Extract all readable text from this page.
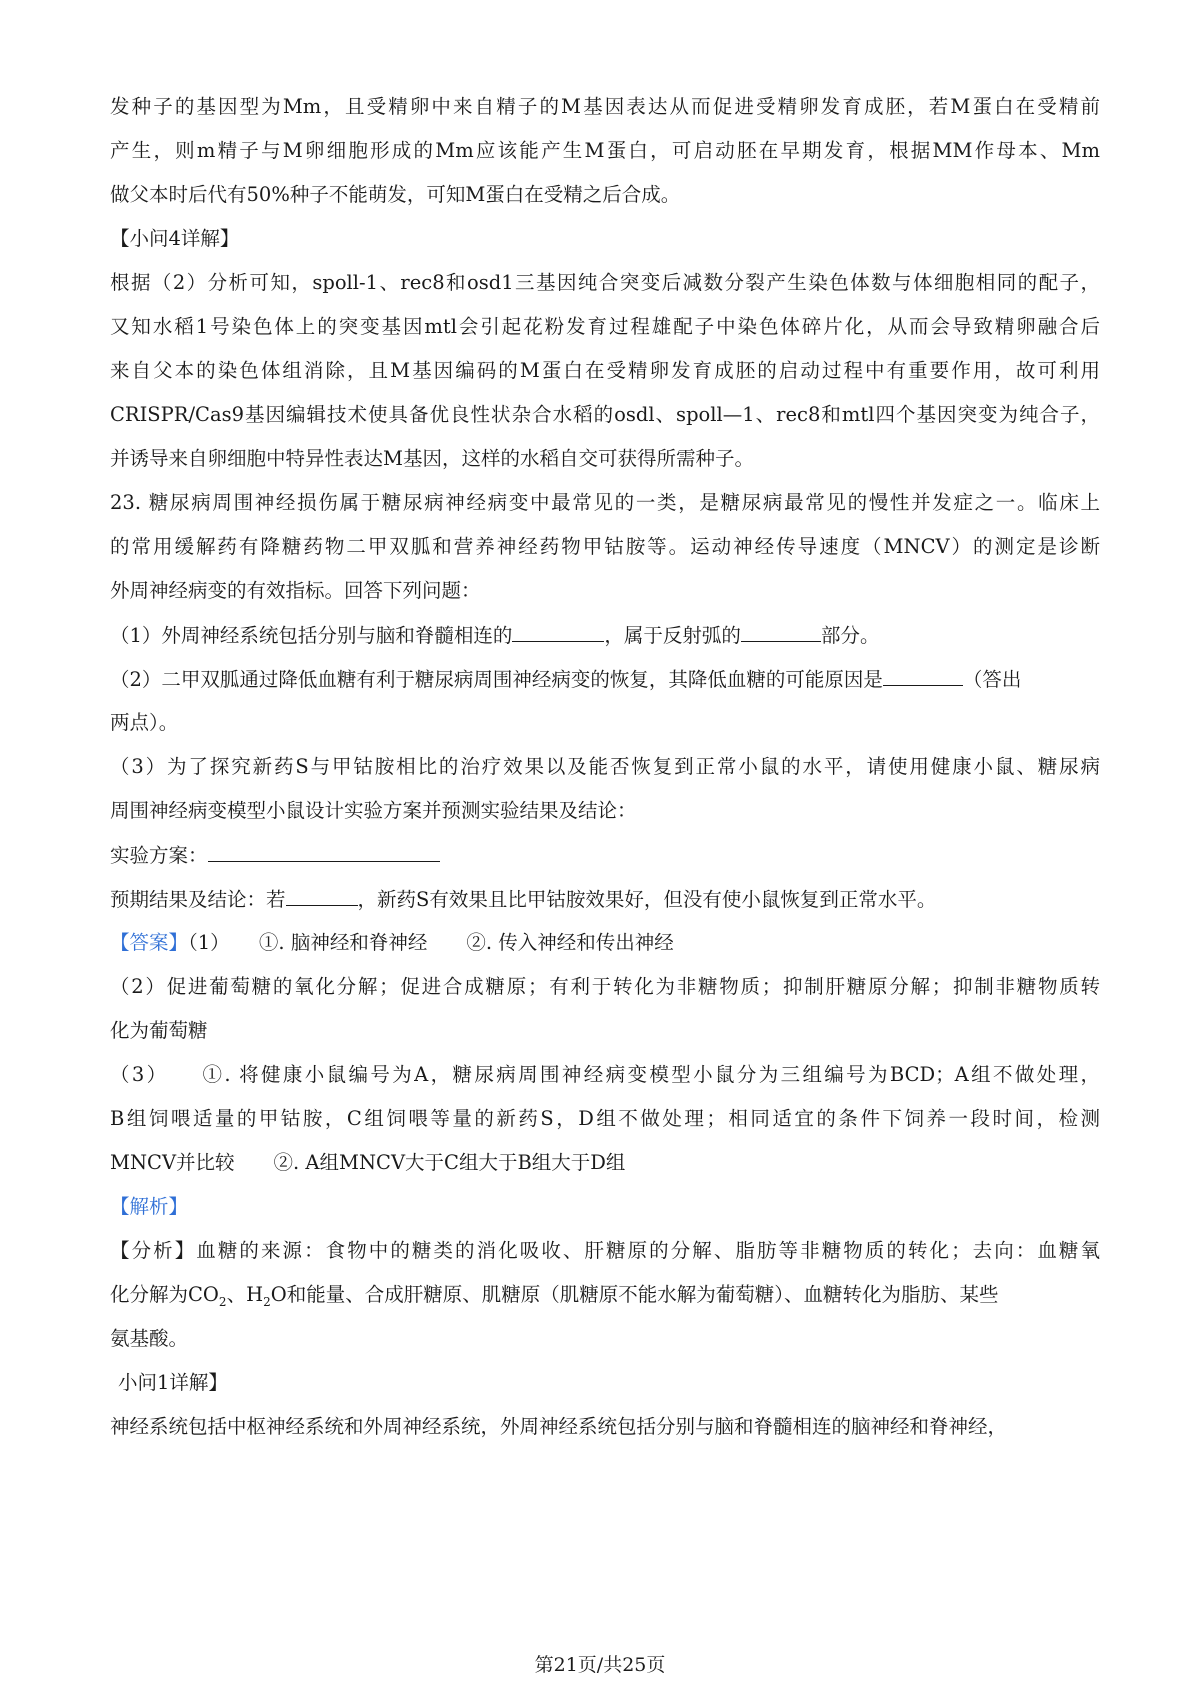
发种子的基因型为Mm，且受精卵中来自精子的M基因表达从而促进受精卵发育成胚，若M蛋白在受精前
产生，则m精子与M卵细胞形成的Mm应该能产生M蛋白，可启动胚在早期发育，根据MM作母本、Mm
做父本时后代有50%种子不能萌发，可知M蛋白在受精之后合成。
【小问4详解】
根据（2）分析可知，spoll-1、rec8和osd1三基因纯合突变后减数分裂产生染色体数与体细胞相同的配子，
又知水稻1号染色体上的突变基因mtl会引起花粉发育过程雄配子中染色体碎片化，从而会导致精卵融合后
来自父本的染色体组消除，且M基因编码的M蛋白在受精卵发育成胚的启动过程中有重要作用，故可利用
CRISPR/Cas9基因编辑技术使具备优良性状杂合水稻的osdl、spoll—1、rec8和mtl四个基因突变为纯合子，
并诱导来自卵细胞中特异性表达M基因，这样的水稻自交可获得所需种子。
23. 糖尿病周围神经损伤属于糖尿病神经病变中最常见的一类，是糖尿病最常见的慢性并发症之一。临床上
的常用缓解药有降糖药物二甲双胍和营养神经药物甲钴胺等。运动神经传导速度（MNCV）的测定是诊断
外周神经病变的有效指标。回答下列问题：
（1）外周神经系统包括分别与脑和脊髓相连的	，属于反射弧的	部分。
（2）二甲双胍通过降低血糖有利于糖尿病周围神经病变的恢复，其降低血糖的可能原因是	（答出
两点）。
（3）为了探究新药S与甲钴胺相比的治疗效果以及能否恢复到正常小鼠的水平，请使用健康小鼠、糖尿病
周围神经病变模型小鼠设计实验方案并预测实验结果及结论：
实验方案：
预期结果及结论：若	，新药S有效果且比甲钴胺效果好，但没有使小鼠恢复到正常水平。
【答案】（1）　　①. 脑神经和脊神经　　②. 传入神经和传出神经
（2）促进葡萄糖的氧化分解；促进合成糖原；有利于转化为非糖物质；抑制肝糖原分解；抑制非糖物质转
化为葡萄糖
（3）　　①. 将健康小鼠编号为A，糖尿病周围神经病变模型小鼠分为三组编号为BCD；A组不做处理，
B组饲喂适量的甲钴胺，C组饲喂等量的新药S，D组不做处理；相同适宜的条件下饲养一段时间，检测
MNCV并比较　　②. A组MNCV大于C组大于B组大于D组
【解析】
【分析】血糖的来源：食物中的糖类的消化吸收、肝糖原的分解、脂肪等非糖物质的转化；去向：血糖氧
化分解为$CO_2$、$H_2O$和能量、合成肝糖原、肌糖原（肌糖原不能水解为葡萄糖）、血糖转化为脂肪、某些
氨基酸。
小问1详解】
神经系统包括中枢神经系统和外周神经系统，外周神经系统包括分别与脑和脊髓相连的脑神经和脊神经，
第21页/共25页
